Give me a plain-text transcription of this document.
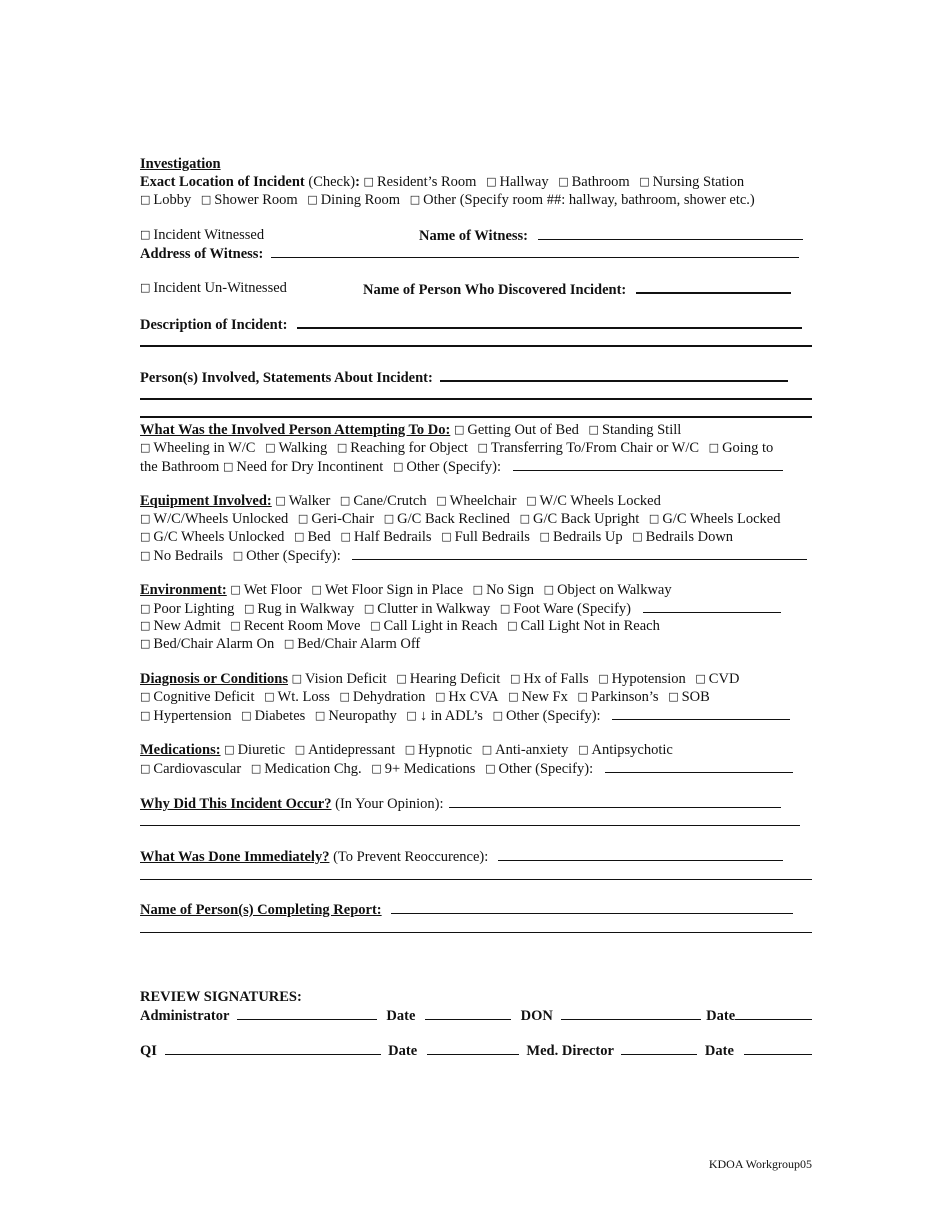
Investigation
Exact Location of Incident (Check): □ Resident’s Room □ Hallway □ Bathroom □ Nursing Station
□ Lobby □ Shower Room □ Dining Room □ Other (Specify room ##: hallway, bathroom, shower etc.)
□ Incident Witnessed	Name of Witness:
Address of Witness:
□ Incident Un-Witnessed	Name of Person Who Discovered Incident:
Description of Incident:
Person(s) Involved, Statements About Incident:
What Was the Involved Person Attempting To Do: □ Getting Out of Bed □ Standing Still
□ Wheeling in W/C □ Walking □ Reaching for Object □ Transferring To/From Chair or W/C □ Going to
the Bathroom □ Need for Dry Incontinent □ Other (Specify):
Equipment Involved: □ Walker □ Cane/Crutch □ Wheelchair □ W/C Wheels Locked
□ W/C/Wheels Unlocked □ Geri-Chair □ G/C Back Reclined □ G/C Back Upright □ G/C Wheels Locked
□ G/C Wheels Unlocked □ Bed □ Half Bedrails □ Full Bedrails □ Bedrails Up □ Bedrails Down
□ No Bedrails □ Other (Specify):
Environment: □ Wet Floor □ Wet Floor Sign in Place □ No Sign □ Object on Walkway
□ Poor Lighting □ Rug in Walkway □ Clutter in Walkway □ Foot Ware (Specify)
□ New Admit □ Recent Room Move □ Call Light in Reach □ Call Light Not in Reach
□ Bed/Chair Alarm On □ Bed/Chair Alarm Off
Diagnosis or Conditions □ Vision Deficit □ Hearing Deficit □ Hx of Falls □ Hypotension □ CVD
□ Cognitive Deficit □ Wt. Loss □ Dehydration □ Hx CVA □ New Fx □ Parkinson’s □ SOB
□ Hypertension □ Diabetes □ Neuropathy □ ↓ in ADL’s □ Other (Specify):
Medications: □ Diuretic □ Antidepressant □ Hypnotic □ Anti-anxiety □ Antipsychotic
□ Cardiovascular □ Medication Chg. □ 9+ Medications □ Other (Specify):
Why Did This Incident Occur? (In Your Opinion):
What Was Done Immediately? (To Prevent Reoccurence):
Name of Person(s) Completing Report:
REVIEW SIGNATURES:
Administrator	Date	DON	Date
QI	Date	Med. Director	Date
KDOA Workgroup05
